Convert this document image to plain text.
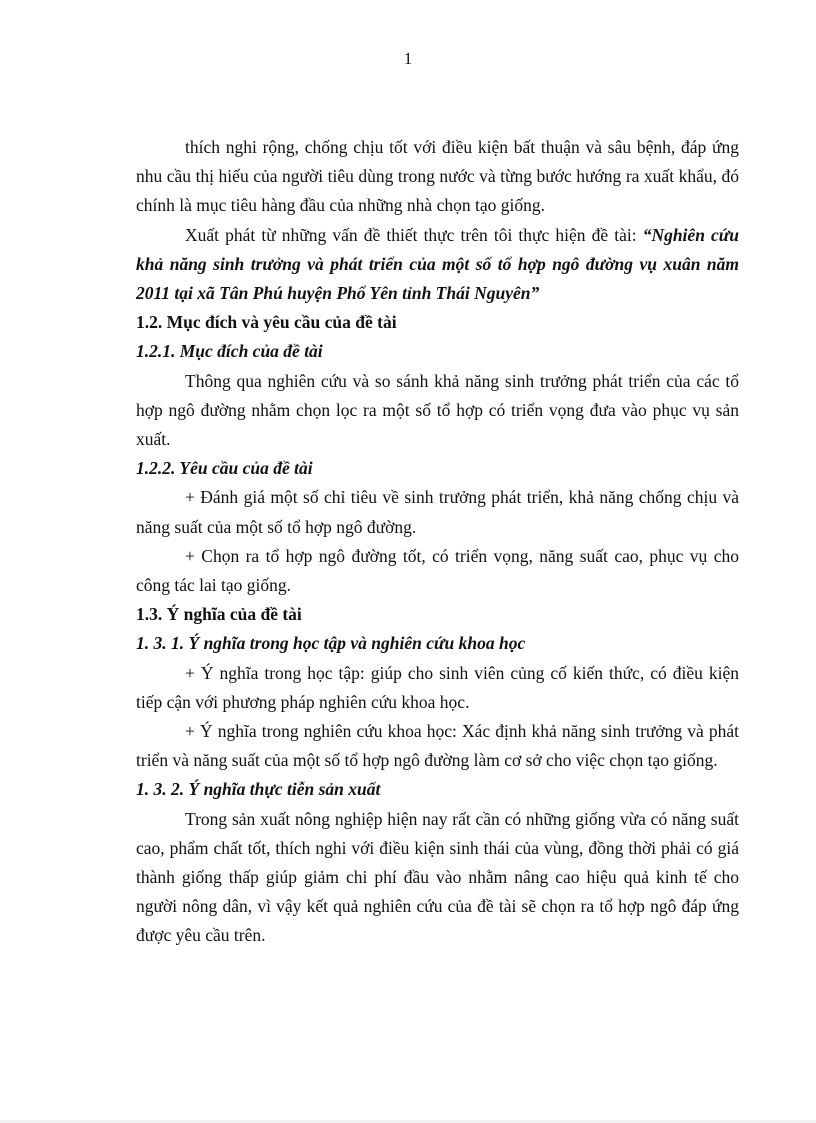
1

thích nghi rộng, chống chịu tốt với điều kiện bất thuận và sâu bệnh, đáp ứng nhu cầu thị hiếu của người tiêu dùng trong nước và từng bước hướng ra xuất khẩu, đó chính là mục tiêu hàng đầu của những nhà chọn tạo giống.

Xuất phát từ những vấn đề thiết thực trên tôi thực hiện đề tài: “Nghiên cứu khả năng sinh trưởng và phát triển của một số tổ hợp ngô đường vụ xuân năm 2011 tại xã Tân Phú huyện Phổ Yên tỉnh Thái Nguyên”

1.2. Mục đích và yêu cầu của đề tài

1.2.1. Mục đích của đề tài

Thông qua nghiên cứu và so sánh khả năng sinh trưởng phát triển của các tổ hợp ngô đường nhằm chọn lọc ra một số tổ hợp có triển vọng đưa vào phục vụ sản xuất.

1.2.2. Yêu cầu của đề tài

+ Đánh giá một số chỉ tiêu về sinh trưởng phát triển, khả năng chống chịu và năng suất của một số tổ hợp ngô đường.

+ Chọn ra tổ hợp ngô đường tốt, có triển vọng, năng suất cao, phục vụ cho công tác lai tạo giống.

1.3. Ý nghĩa của đề tài

1. 3. 1. Ý nghĩa trong học tập và nghiên cứu khoa học

+ Ý nghĩa trong học tập: giúp cho sinh viên củng cố kiến thức, có điều kiện tiếp cận với phương pháp nghiên cứu khoa học.

+ Ý nghĩa trong nghiên cứu khoa học: Xác định khả năng sinh trưởng và phát triển và năng suất của một số tổ hợp ngô đường làm cơ sở cho việc chọn tạo giống.

1. 3. 2. Ý nghĩa thực tiễn sản xuất

Trong sản xuất nông nghiệp hiện nay rất cần có những giống vừa có năng suất cao, phẩm chất tốt, thích nghi với điều kiện sinh thái của vùng, đồng thời phải có giá thành giống thấp giúp giảm chi phí đầu vào nhằm nâng cao hiệu quả kinh tế cho người nông dân, vì vậy kết quả nghiên cứu của đề tài sẽ chọn ra tổ hợp ngô đáp ứng được yêu cầu trên.
